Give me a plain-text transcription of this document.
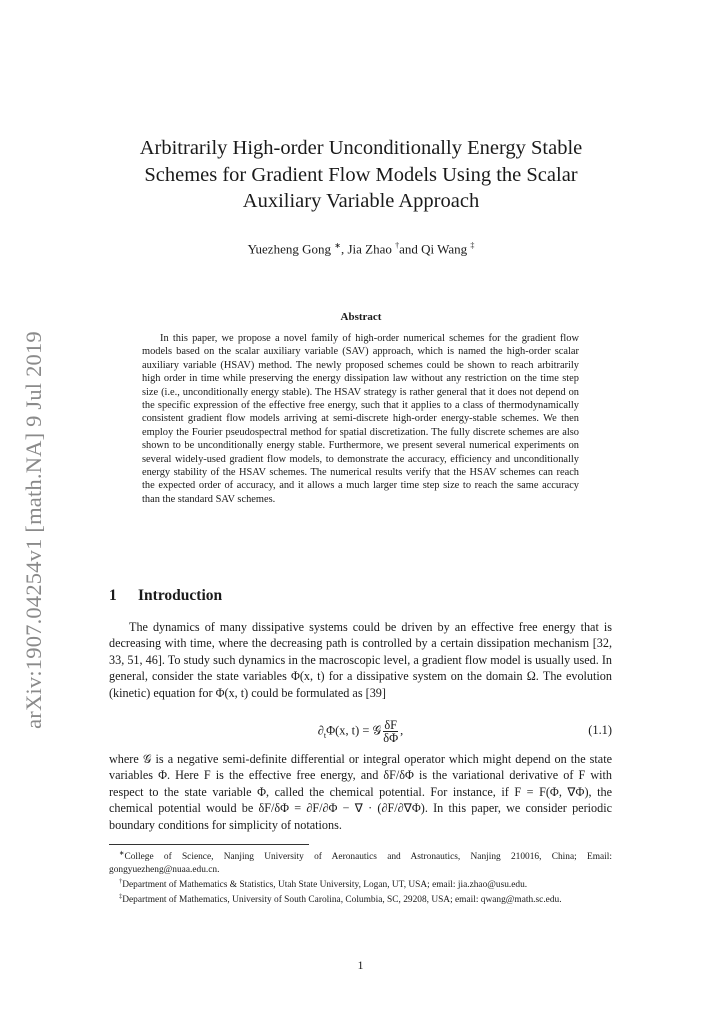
arXiv:1907.04254v1 [math.NA] 9 Jul 2019
Arbitrarily High-order Unconditionally Energy Stable
Schemes for Gradient Flow Models Using the Scalar
Auxiliary Variable Approach
Yuezheng Gong ∗, Jia Zhao †and Qi Wang ‡
Abstract

In this paper, we propose a novel family of high-order numerical schemes for the gradient flow models based on the scalar auxiliary variable (SAV) approach, which is named the high-order scalar auxiliary variable (HSAV) method. The newly proposed schemes could be shown to reach arbitrarily high order in time while preserving the energy dissipation law without any restriction on the time step size (i.e., unconditionally energy stable). The HSAV strategy is rather general that it does not depend on the specific expression of the effective free energy, such that it applies to a class of thermodynamically consistent gradient flow models arriving at semi-discrete high-order energy-stable schemes. We then employ the Fourier pseudospectral method for spatial discretization. The fully discrete schemes are also shown to be unconditionally energy stable. Furthermore, we present several numerical experiments on several widely-used gradient flow models, to demonstrate the accuracy, efficiency and unconditionally energy stability of the HSAV schemes. The numerical results verify that the HSAV schemes can reach the expected order of accuracy, and it allows a much larger time step size to reach the same accuracy than the standard SAV schemes.

1 Introduction

The dynamics of many dissipative systems could be driven by an effective free energy that is decreasing with time, where the decreasing path is controlled by a certain dissipation mechanism [32, 33, 51, 46]. To study such dynamics in the macroscopic level, a gradient flow model is usually used. In general, consider the state variables Φ(x, t) for a dissipative system on the domain Ω. The evolution (kinetic) equation for Φ(x, t) could be formulated as [39]

$\partial_t\Phi(x$, t) = 𝒢 $\frac{\delta F}{\delta\Phi}$ ,	(1.1)

where 𝒢 is a negative semi-definite differential or integral operator which might depend on the state variables Φ. Here F is the effective free energy, and δF/δΦ is the variational derivative of F with respect to the state variable Φ, called the chemical potential. For instance, if F = F(Φ, ∇Φ), the chemical potential would be δF/δΦ = ∂F/∂Φ − ∇ · (∂F/∂∇Φ). In this paper, we consider periodic boundary conditions for simplicity of notations.

∗College of Science, Nanjing University of Aeronautics and Astronautics, Nanjing 210016, China; Email: gongyuezheng@nuaa.edu.cn.

†Department of Mathematics & Statistics, Utah State University, Logan, UT, USA; email: jia.zhao@usu.edu.

‡Department of Mathematics, University of South Carolina, Columbia, SC, 29208, USA; email: qwang@math.sc.edu.

1
